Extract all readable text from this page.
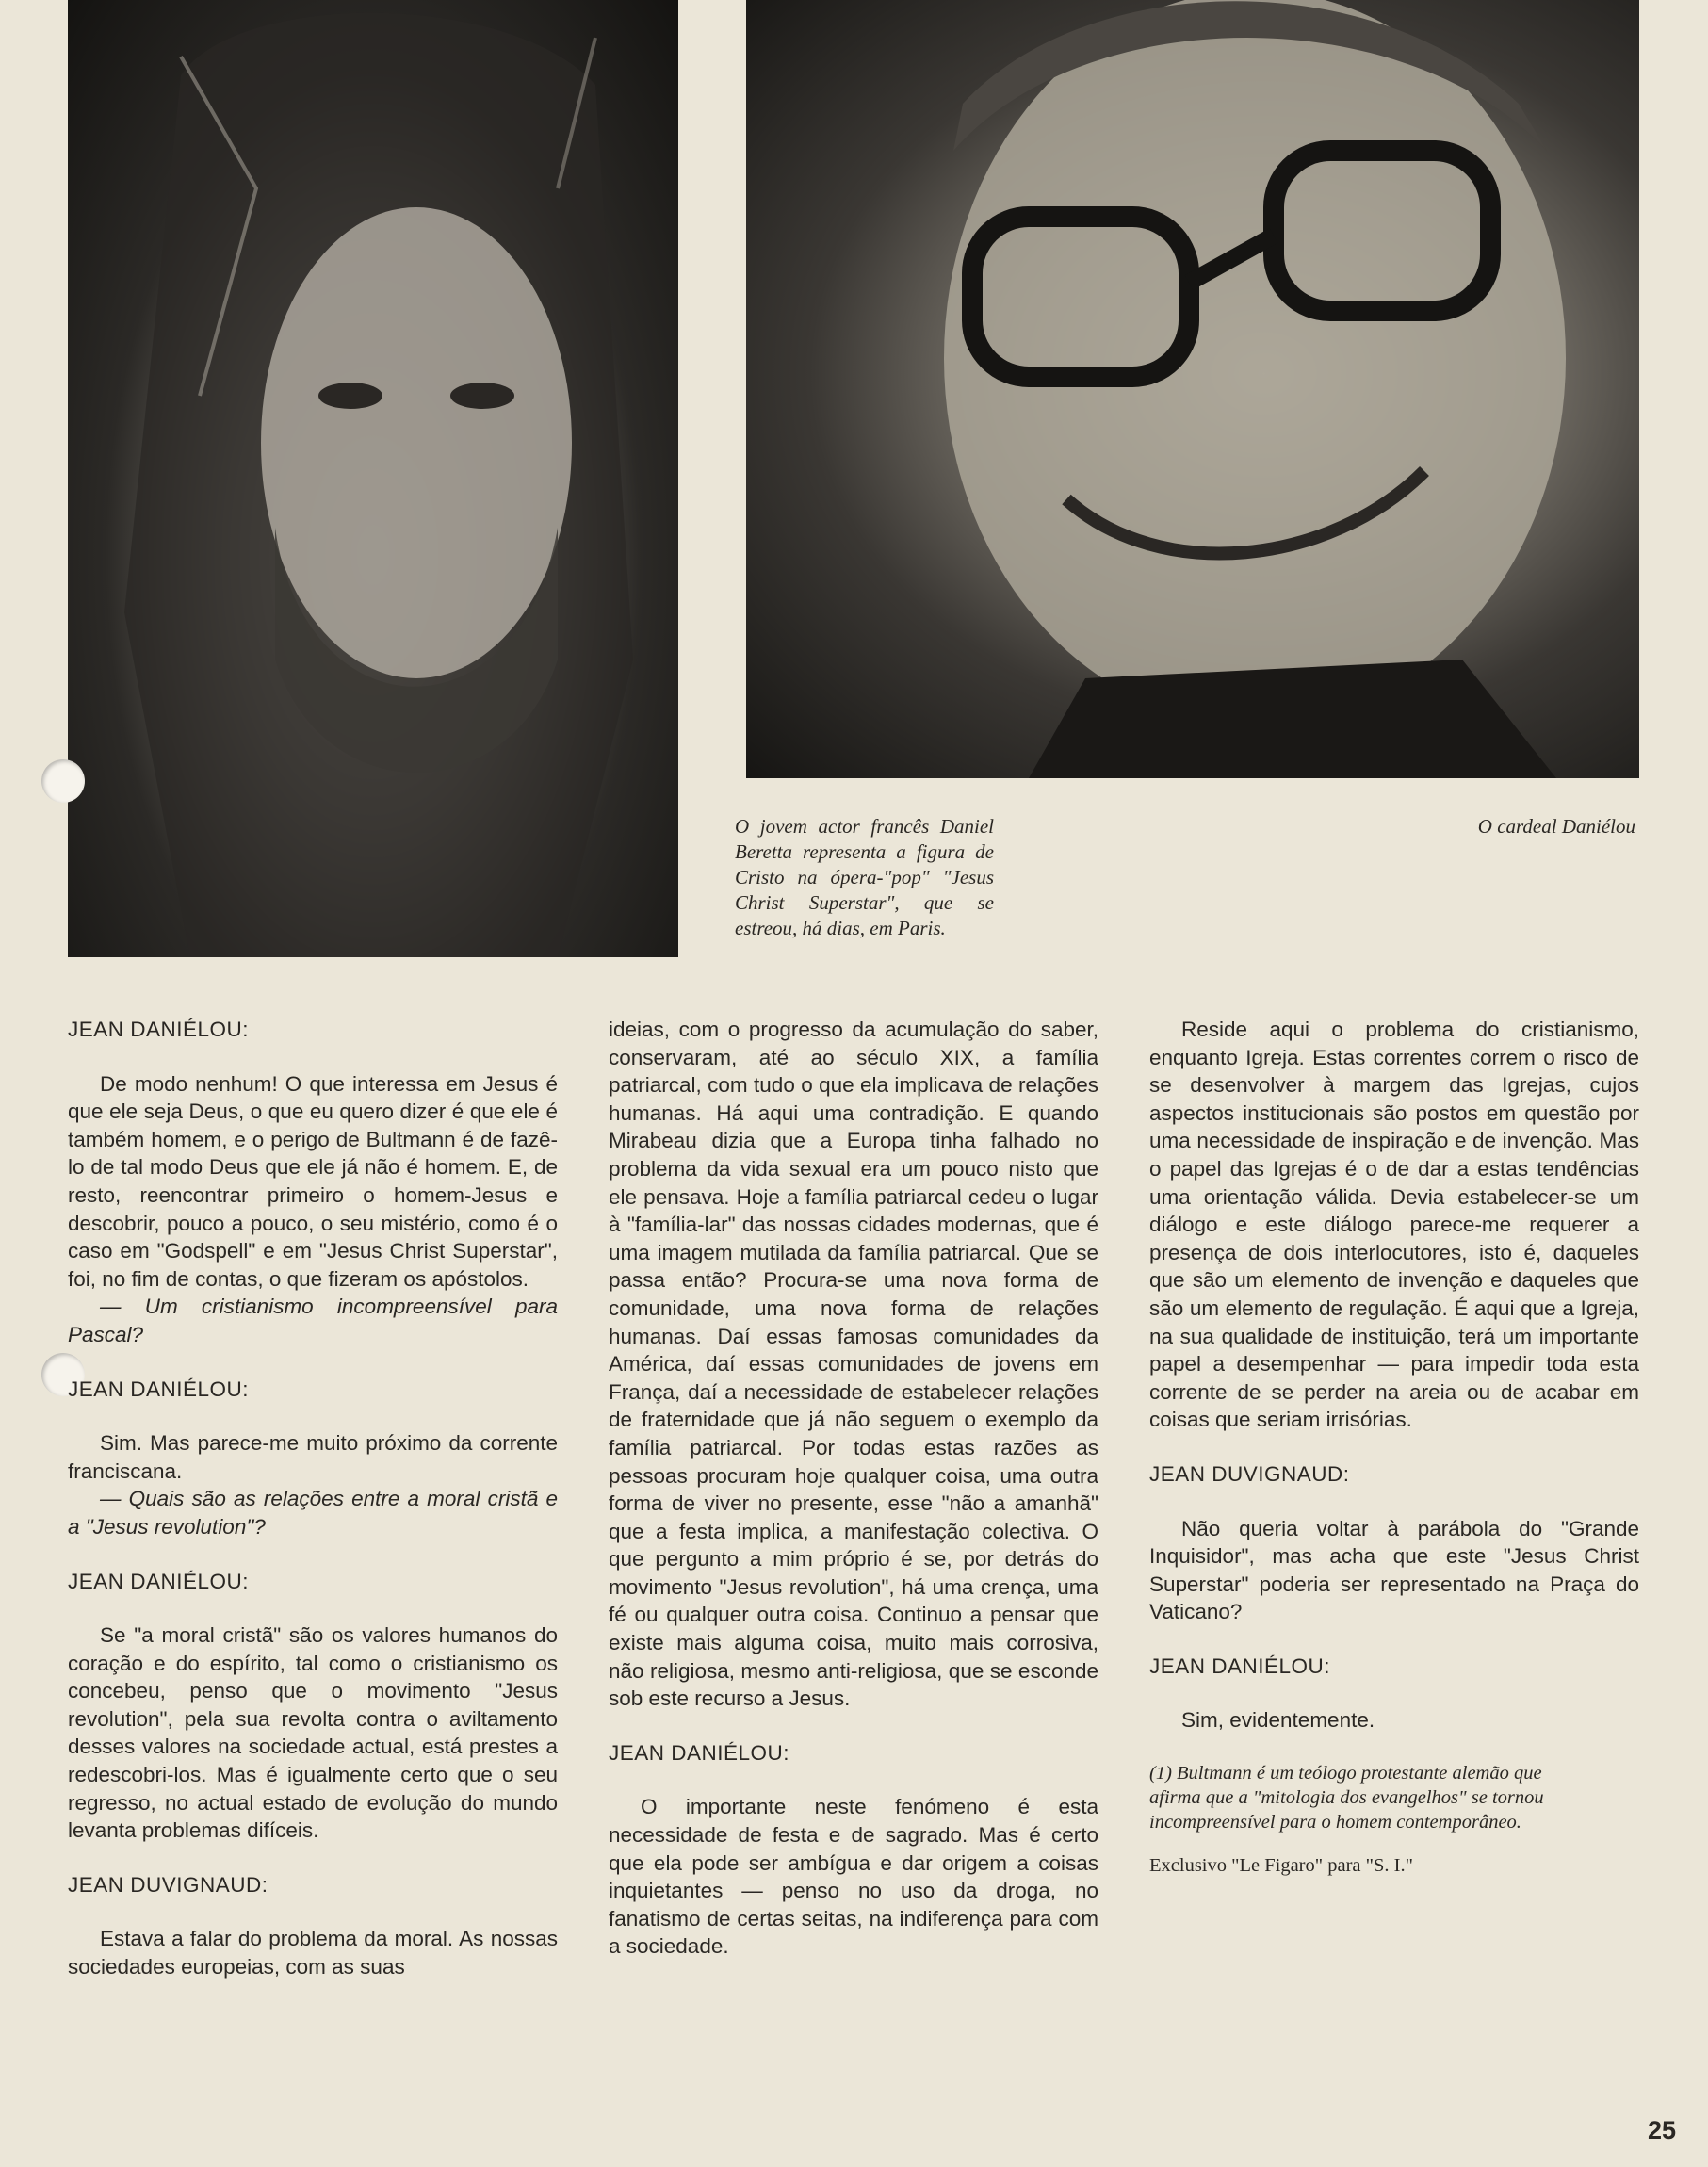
O jovem actor francês Daniel Beretta representa a figura de Cristo na ópera-"pop" "Jesus Christ Superstar", que se estreou, há dias, em Paris.
O cardeal Daniélou
JEAN DANIÉLOU:

De modo nenhum! O que interessa em Jesus é que ele seja Deus, o que eu quero dizer é que ele é também homem, e o perigo de Bultmann é de fazê-lo de tal modo Deus que ele já não é homem. E, de resto, reencontrar primeiro o homem-Jesus e descobrir, pouco a pouco, o seu mistério, como é o caso em "Godspell" e em "Jesus Christ Superstar", foi, no fim de contas, o que fizeram os apóstolos.

— Um cristianismo incompreensível para Pascal?

JEAN DANIÉLOU:

Sim. Mas parece-me muito próximo da corrente franciscana.

— Quais são as relações entre a moral cristã e a "Jesus revolution"?

JEAN DANIÉLOU:

Se "a moral cristã" são os valores humanos do coração e do espírito, tal como o cristianismo os concebeu, penso que o movimento "Jesus revolution", pela sua revolta contra o aviltamento desses valores na sociedade actual, está prestes a redescobri-los. Mas é igualmente certo que o seu regresso, no actual estado de evolução do mundo levanta problemas difíceis.

JEAN DUVIGNAUD:

Estava a falar do problema da moral. As nossas sociedades europeias, com as suas

ideias, com o progresso da acumulação do saber, conservaram, até ao século XIX, a família patriarcal, com tudo o que ela implicava de relações humanas. Há aqui uma contradição. E quando Mirabeau dizia que a Europa tinha falhado no problema da vida sexual era um pouco nisto que ele pensava. Hoje a família patriarcal cedeu o lugar à "família-lar" das nossas cidades modernas, que é uma imagem mutilada da família patriarcal. Que se passa então? Procura-se uma nova forma de comunidade, uma nova forma de relações humanas. Daí essas famosas comunidades da América, daí essas comunidades de jovens em França, daí a necessidade de estabelecer relações de fraternidade que já não seguem o exemplo da família patriarcal. Por todas estas razões as pessoas procuram hoje qualquer coisa, uma outra forma de viver no presente, esse "não a amanhã" que a festa implica, a manifestação colectiva. O que pergunto a mim próprio é se, por detrás do movimento "Jesus revolution", há uma crença, uma fé ou qualquer outra coisa. Continuo a pensar que existe mais alguma coisa, muito mais corrosiva, não religiosa, mesmo anti-religiosa, que se esconde sob este recurso a Jesus.

JEAN DANIÉLOU:

O importante neste fenómeno é esta necessidade de festa e de sagrado. Mas é certo que ela pode ser ambígua e dar origem a coisas inquietantes — penso no uso da droga, no fanatismo de certas seitas, na indiferença para com a sociedade.

Reside aqui o problema do cristianismo, enquanto Igreja. Estas correntes correm o risco de se desenvolver à margem das Igrejas, cujos aspectos institucionais são postos em questão por uma necessidade de inspiração e de invenção. Mas o papel das Igrejas é o de dar a estas tendências uma orientação válida. Devia estabelecer-se um diálogo e este diálogo parece-me requerer a presença de dois interlocutores, isto é, daqueles que são um elemento de invenção e daqueles que são um elemento de regulação. É aqui que a Igreja, na sua qualidade de instituição, terá um importante papel a desempenhar — para impedir toda esta corrente de se perder na areia ou de acabar em coisas que seriam irrisórias.

JEAN DUVIGNAUD:

Não queria voltar à parábola do "Grande Inquisidor", mas acha que este "Jesus Christ Superstar" poderia ser representado na Praça do Vaticano?

JEAN DANIÉLOU:

Sim, evidentemente.

(1) Bultmann é um teólogo protestante alemão que afirma que a "mitologia dos evangelhos" se tornou incompreensível para o homem contemporâneo.

Exclusivo "Le Figaro" para "S. I."

25
